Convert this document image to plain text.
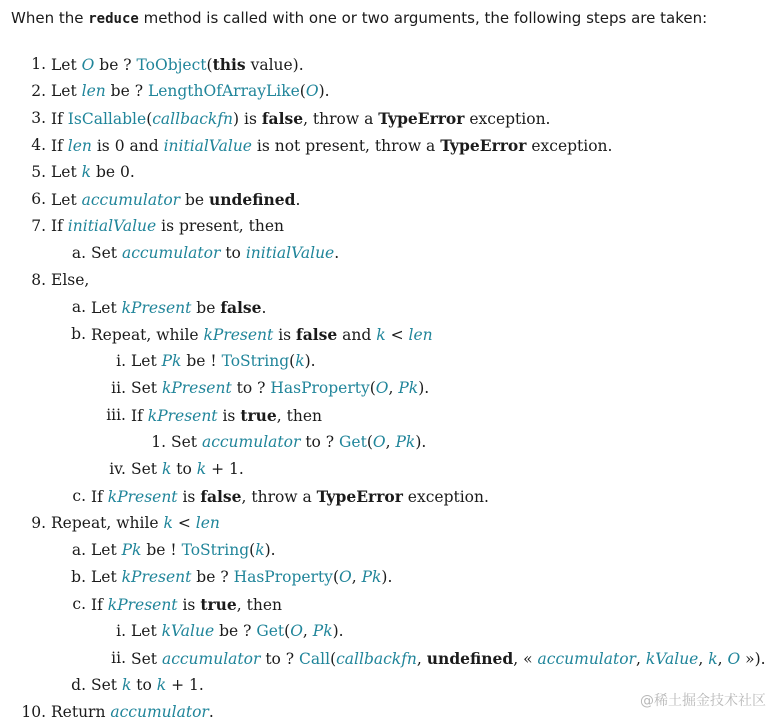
When the reduce method is called with one or two arguments, the following steps are taken:
1. Let O be ? ToObject(this value).
2. Let len be ? LengthOfArrayLike(O).
3. If IsCallable(callbackfn) is false, throw a TypeError exception.
4. If len is 0 and initialValue is not present, throw a TypeError exception.
5. Let k be 0.
6. Let accumulator be undefined.
7. If initialValue is present, then
a. Set accumulator to initialValue.
8. Else,
a. Let kPresent be false.
b. Repeat, while kPresent is false and k < len
i. Let Pk be ! ToString(k).
ii. Set kPresent to ? HasProperty(O, Pk).
iii. If kPresent is true, then
1. Set accumulator to ? Get(O, Pk).
iv. Set k to k + 1.
c. If kPresent is false, throw a TypeError exception.
9. Repeat, while k < len
a. Let Pk be ! ToString(k).
b. Let kPresent be ? HasProperty(O, Pk).
c. If kPresent is true, then
i. Let kValue be ? Get(O, Pk).
ii. Set accumulator to ? Call(callbackfn, undefined, « accumulator, kValue, k, O »).
d. Set k to k + 1.
10. Return accumulator.
@稀土掘金技术社区
